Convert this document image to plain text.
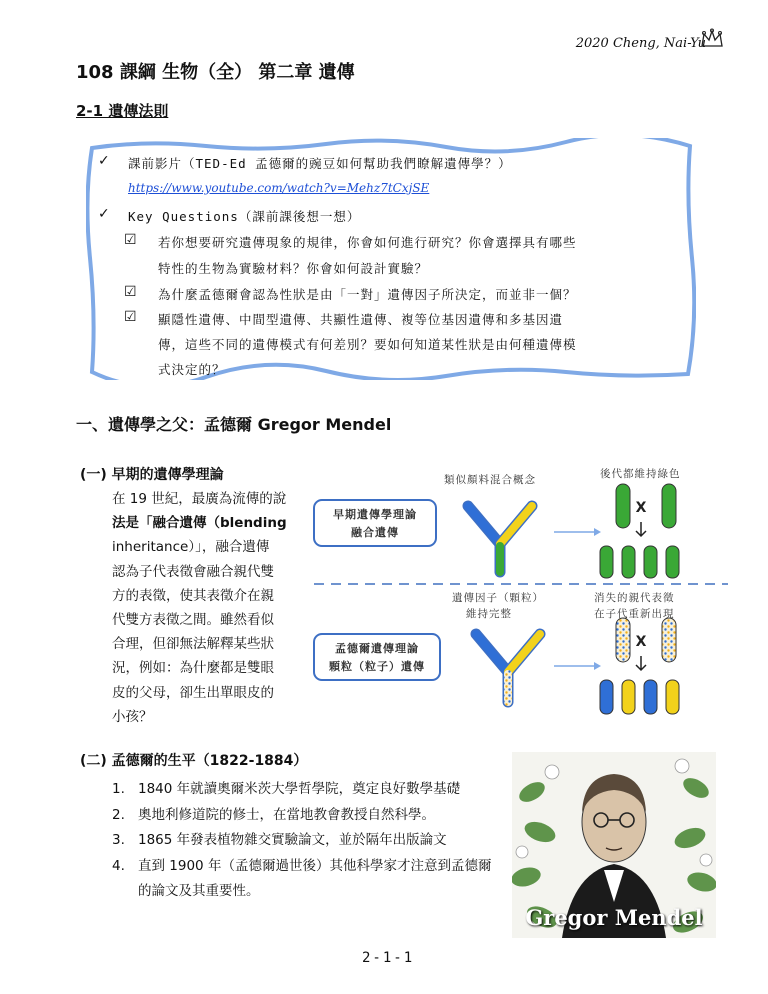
2020 Cheng, Nai-Yu
108 課綱 生物（全） 第二章 遺傳
2-1 遺傳法則
✓ 課前影片（TED-Ed 孟德爾的豌豆如何幫助我們瞭解遺傳學？）
https://www.youtube.com/watch?v=Mehz7tCxjSE
✓ Key Questions（課前課後想一想）
☑ 若你想要研究遺傳現象的規律，你會如何進行研究？你會選擇具有哪些
特性的生物為實驗材料？你會如何設計實驗？
☑ 為什麼孟德爾會認為性狀是由「一對」遺傳因子所決定，而並非一個？
☑ 顯隱性遺傳、中間型遺傳、共顯性遺傳、複等位基因遺傳和多基因遺
傳，這些不同的遺傳模式有何差別？要如何知道某性狀是由何種遺傳模
式決定的？
一、遺傳學之父：孟德爾 Gregor Mendel
(一) 早期的遺傳學理論
在 19 世紀，最廣為流傳的說
法是「融合遺傳（blending
inheritance）」，融合遺傳
認為子代表徵會融合親代雙
方的表徵，使其表徵介在親
代雙方表徵之間。雖然看似
合理，但卻無法解釋某些狀
況，例如：為什麼都是雙眼
皮的父母，卻生出單眼皮的
小孩？
X
X
類似顏料混合概念	後代都維持綠色
早期遺傳學理論
融合遺傳
遺傳因子（顆粒）
維持完整
消失的親代表徵
在子代重新出現
孟德爾遺傳理論
顆粒（粒子）遺傳
(二) 孟德爾的生平（1822-1884）
1. 1840 年就讀奧爾米茨大學哲學院，奠定良好數學基礎
2. 奧地利修道院的修士，在當地教會教授自然科學。
3. 1865 年發表植物雜交實驗論文，並於隔年出版論文
4. 直到 1900 年（孟德爾過世後）其他科學家才注意到孟德爾的論文及其重要性。
Gregor Mendel
2-1-1
